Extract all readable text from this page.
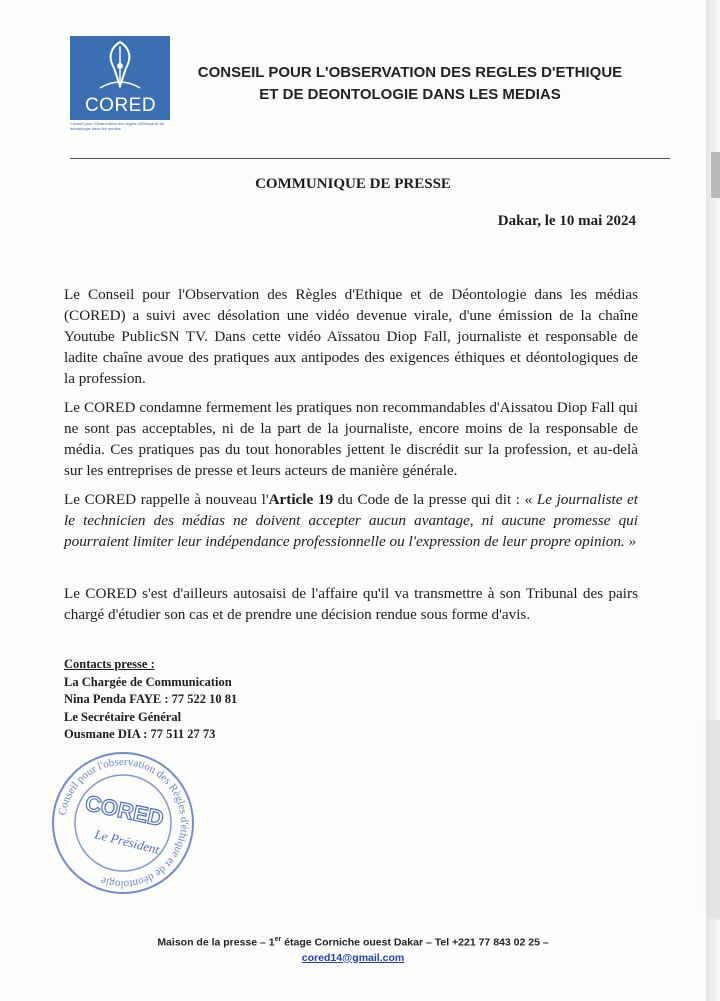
CORED
Conseil pour l'Observation des règles d'Ethique et de déontologie dans les médias
CONSEIL POUR L'OBSERVATION DES REGLES D'ETHIQUE
ET DE DEONTOLOGIE DANS LES MEDIAS
COMMUNIQUE DE PRESSE
Dakar, le 10 mai 2024

Le Conseil pour l'Observation des Règles d'Ethique et de Déontologie dans les médias (CORED) a suivi avec désolation une vidéo devenue virale, d'une émission de la chaîne Youtube PublicSN TV. Dans cette vidéo Aïssatou Diop Fall, journaliste et responsable de ladite chaîne avoue des pratiques aux antipodes des exigences éthiques et déontologiques de la profession.

Le CORED condamne fermement les pratiques non recommandables d'Aissatou Diop Fall qui ne sont pas acceptables, ni de la part de la journaliste, encore moins de la responsable de média. Ces pratiques pas du tout honorables jettent le discrédit sur la profession, et au-delà sur les entreprises de presse et leurs acteurs de manière générale.

Le CORED rappelle à nouveau l'Article 19 du Code de la presse qui dit : « Le journaliste et le technicien des médias ne doivent accepter aucun avantage, ni aucune promesse qui pourraient limiter leur indépendance professionnelle ou l'expression de leur propre opinion. »

Le CORED s'est d'ailleurs autosaisi de l'affaire qu'il va transmettre à son Tribunal des pairs chargé d'étudier son cas et de prendre une décision rendue sous forme d'avis.

Contacts presse :
La Chargée de Communication
Nina Penda FAYE : 77 522 10 81
Le Secrétaire Général
Ousmane DIA : 77 511 27 73
Conseil pour l'observation des Règles d'éthique et de déontologie
CORED
Le Président
Maison de la presse – 1er étage Corniche ouest Dakar – Tel +221 77 843 02 25 –
cored14@gmail.com
